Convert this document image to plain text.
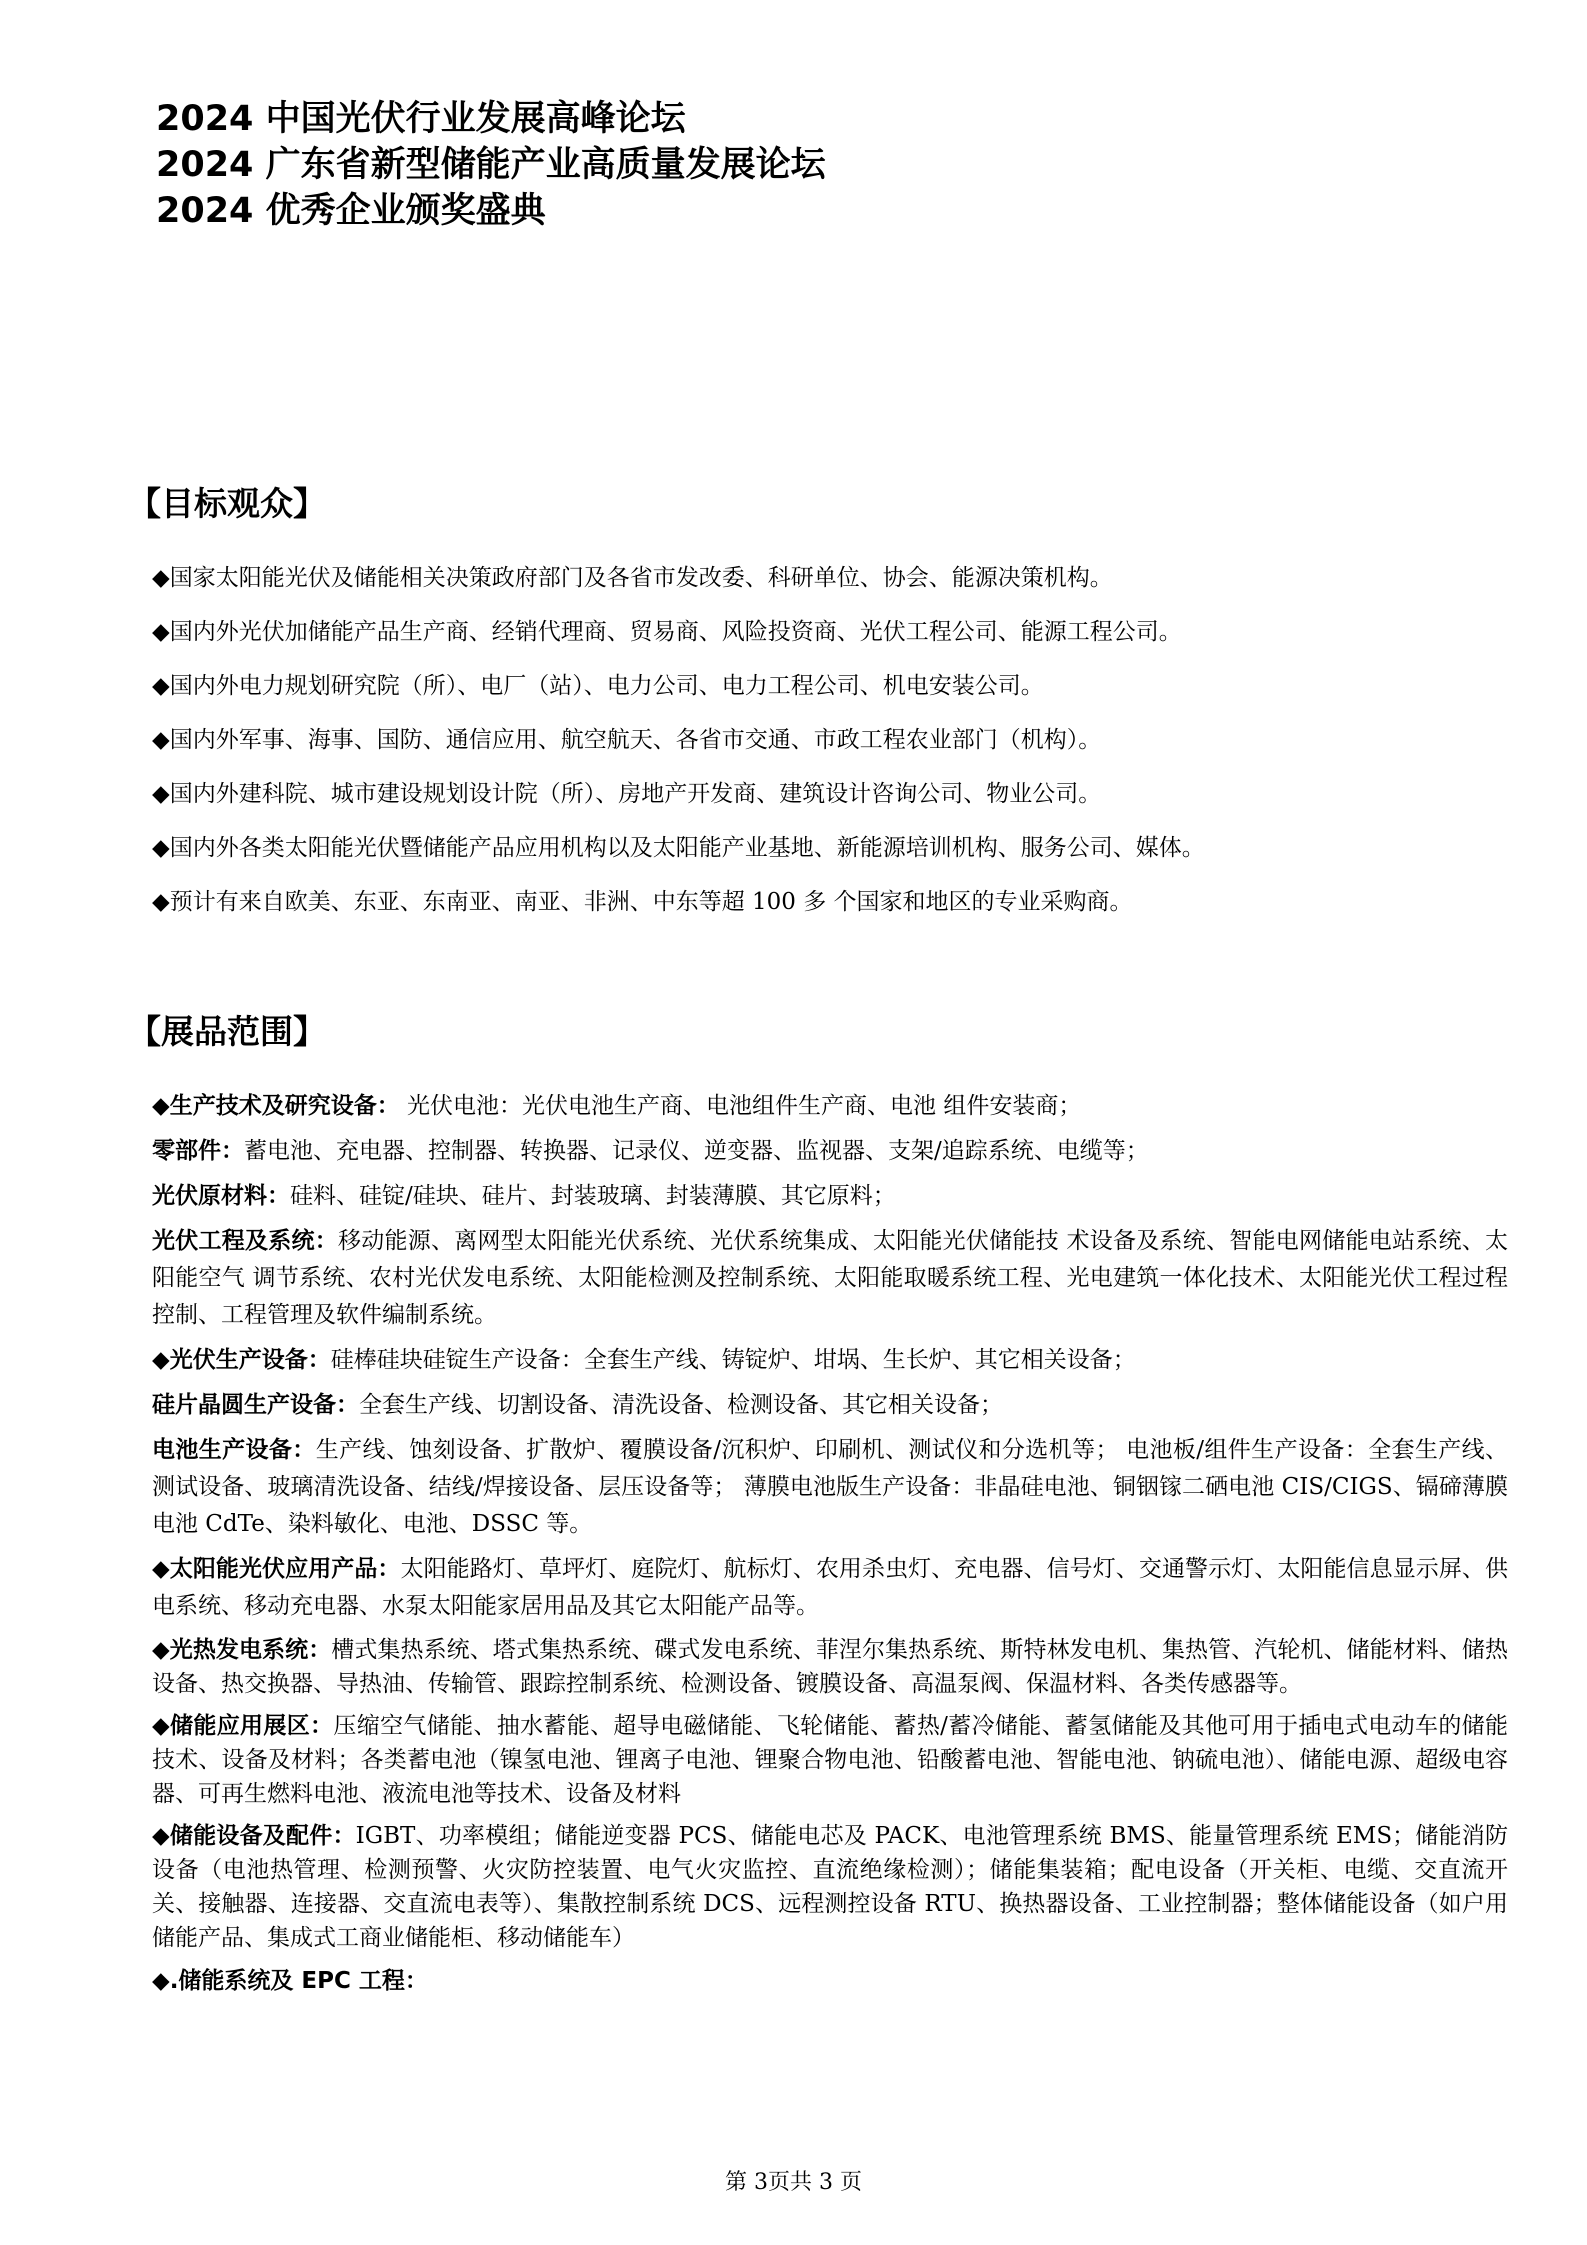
2024 中国光伏行业发展高峰论坛
2024 广东省新型储能产业高质量发展论坛
2024 优秀企业颁奖盛典
【目标观众】
◆国家太阳能光伏及储能相关决策政府部门及各省市发改委、科研单位、协会、能源决策机构。
◆国内外光伏加储能产品生产商、经销代理商、贸易商、风险投资商、光伏工程公司、能源工程公司。
◆国内外电力规划研究院（所）、电厂（站）、电力公司、电力工程公司、机电安装公司。
◆国内外军事、海事、国防、通信应用、航空航天、各省市交通、市政工程农业部门（机构）。
◆国内外建科院、城市建设规划设计院（所）、房地产开发商、建筑设计咨询公司、物业公司。
◆国内外各类太阳能光伏暨储能产品应用机构以及太阳能产业基地、新能源培训机构、服务公司、媒体。
◆预计有来自欧美、东亚、东南亚、南亚、非洲、中东等超 100 多 个国家和地区的专业采购商。
【展品范围】
◆生产技术及研究设备： 光伏电池：光伏电池生产商、电池组件生产商、电池 组件安装商；
零部件：蓄电池、充电器、控制器、转换器、记录仪、逆变器、监视器、支架/追踪系统、电缆等；
光伏原材料：硅料、硅锭/硅块、硅片、封装玻璃、封装薄膜、其它原料；
光伏工程及系统：移动能源、离网型太阳能光伏系统、光伏系统集成、太阳能光伏储能技 术设备及系统、智能电网储能电站系统、太阳能空气 调节系统、农村光伏发电系统、太阳能检测及控制系统、太阳能取暖系统工程、光电建筑一体化技术、太阳能光伏工程过程控制、工程管理及软件编制系统。
◆光伏生产设备：硅棒硅块硅锭生产设备：全套生产线、铸锭炉、坩埚、生长炉、其它相关设备；
硅片晶圆生产设备：全套生产线、切割设备、清洗设备、检测设备、其它相关设备；
电池生产设备：生产线、蚀刻设备、扩散炉、覆膜设备/沉积炉、印刷机、测试仪和分选机等； 电池板/组件生产设备：全套生产线、测试设备、玻璃清洗设备、结线/焊接设备、层压设备等； 薄膜电池版生产设备：非晶硅电池、铜铟镓二硒电池 CIS/CIGS、镉碲薄膜电池 CdTe、染料敏化、电池、DSSC 等。
◆太阳能光伏应用产品：太阳能路灯、草坪灯、庭院灯、航标灯、农用杀虫灯、充电器、信号灯、交通警示灯、太阳能信息显示屏、供电系统、移动充电器、水泵太阳能家居用品及其它太阳能产品等。
◆光热发电系统：槽式集热系统、塔式集热系统、碟式发电系统、菲涅尔集热系统、斯特林发电机、集热管、汽轮机、储能材料、储热设备、热交换器、导热油、传输管、跟踪控制系统、检测设备、镀膜设备、高温泵阀、保温材料、各类传感器等。
◆储能应用展区：压缩空气储能、抽水蓄能、超导电磁储能、飞轮储能、蓄热/蓄冷储能、蓄氢储能及其他可用于插电式电动车的储能技术、设备及材料；各类蓄电池（镍氢电池、锂离子电池、锂聚合物电池、铅酸蓄电池、智能电池、钠硫电池）、储能电源、超级电容器、可再生燃料电池、液流电池等技术、设备及材料
◆储能设备及配件：IGBT、功率模组；储能逆变器 PCS、储能电芯及 PACK、电池管理系统 BMS、能量管理系统 EMS；储能消防设备（电池热管理、检测预警、火灾防控装置、电气火灾监控、直流绝缘检测）；储能集装箱；配电设备（开关柜、电缆、交直流开关、接触器、连接器、交直流电表等）、集散控制系统 DCS、远程测控设备 RTU、换热器设备、工业控制器；整体储能设备（如户用储能产品、集成式工商业储能柜、移动储能车）
◆.储能系统及 EPC 工程：
第 3页共 3 页
